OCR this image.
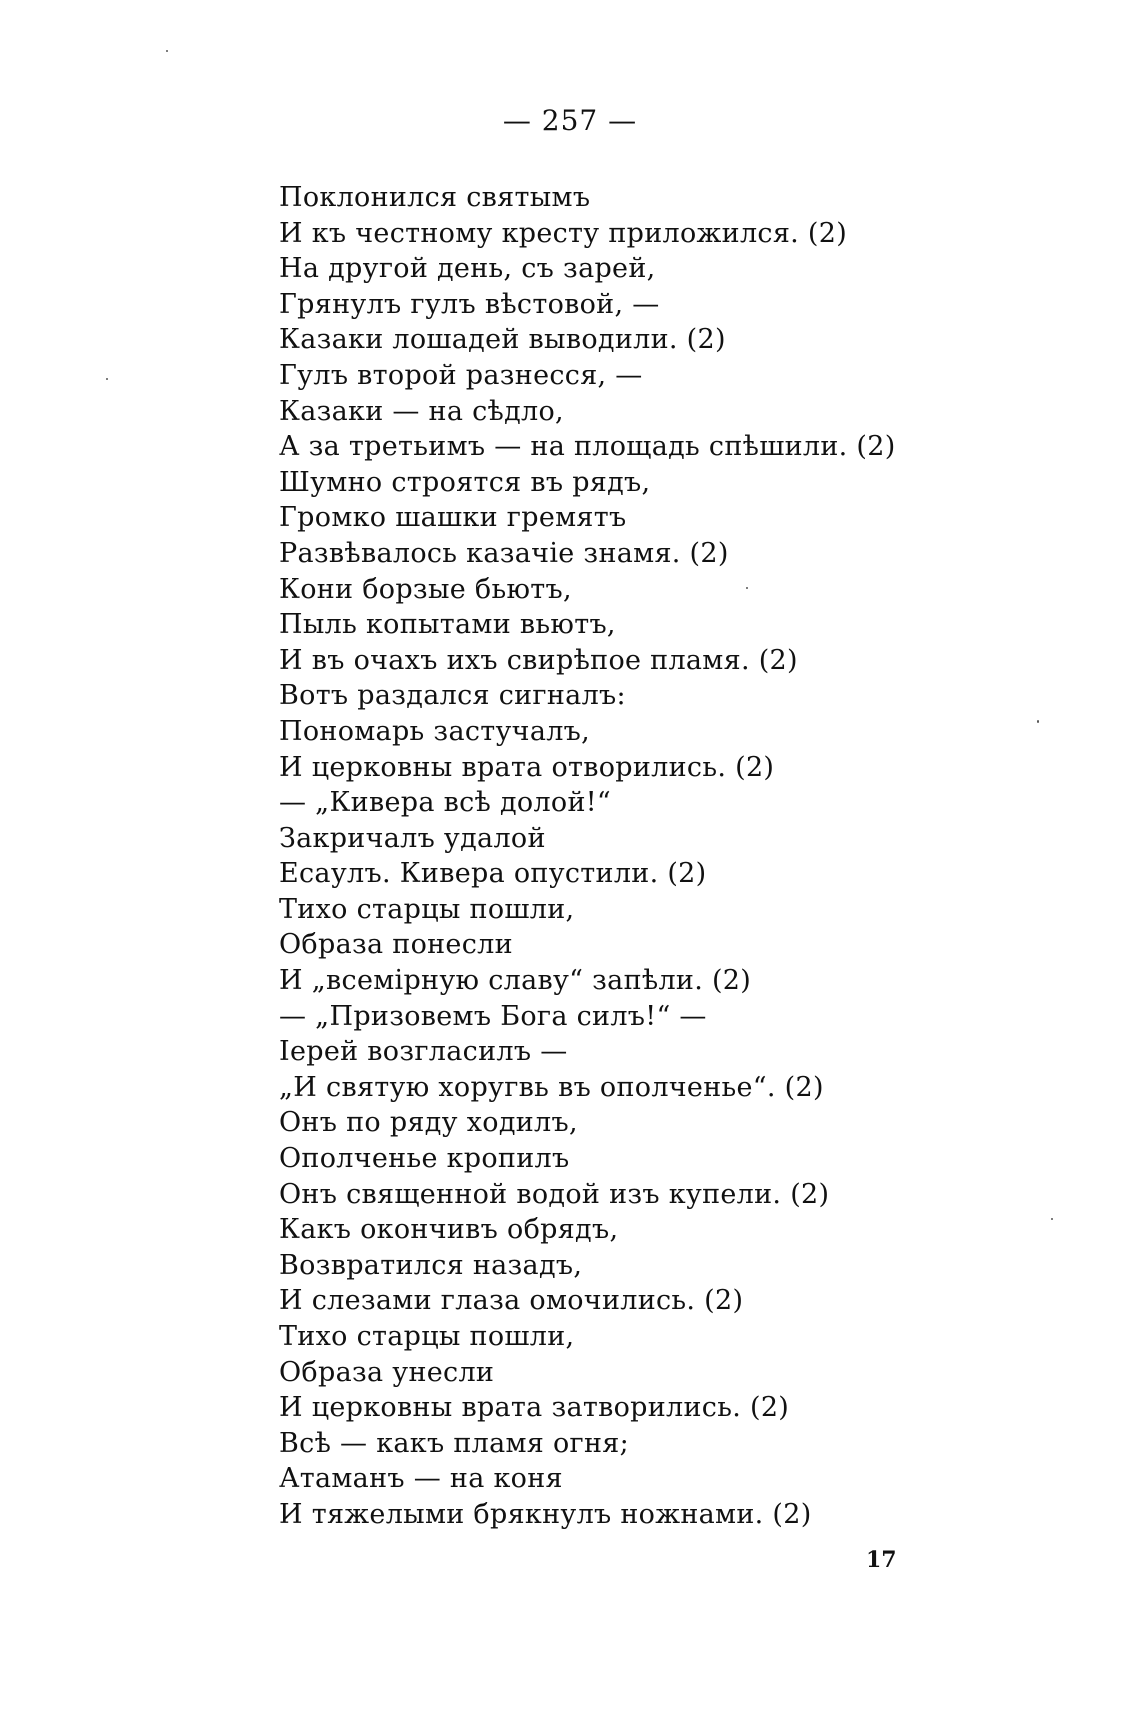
— 257 —
Поклонился святымъ
И къ честному кресту приложился. (2)
На другой день, съ зарей,
Грянулъ гулъ вѣстовой, —
Казаки лошадей выводили. (2)
Гулъ второй разнесся, —
Казаки — на сѣдло,
А за третьимъ — на площадь спѣшили. (2)
Шумно строятся въ рядъ,
Громко шашки гремятъ
Развѣвалось казачіе знамя. (2)
Кони борзые бьютъ,
Пыль копытами вьютъ,
И въ очахъ ихъ свирѣпое пламя. (2)
Вотъ раздался сигналъ:
Пономарь застучалъ,
И церковны врата отворились. (2)
— „Кивера всѣ долой!“
Закричалъ удалой
Есаулъ. Кивера опустили. (2)
Тихо старцы пошли,
Образа понесли
И „всемірную славу“ запѣли. (2)
— „Призовемъ Бога силъ!“ —
Іерей возгласилъ —
„И святую хоругвь въ ополченье“. (2)
Онъ по ряду ходилъ,
Ополченье кропилъ
Онъ священной водой изъ купели. (2)
Какъ окончивъ обрядъ,
Возвратился назадъ,
И слезами глаза омочились. (2)
Тихо старцы пошли,
Образа унесли
И церковны врата затворились. (2)
Всѣ — какъ пламя огня;
Атаманъ — на коня
И тяжелыми брякнулъ ножнами. (2)
17
